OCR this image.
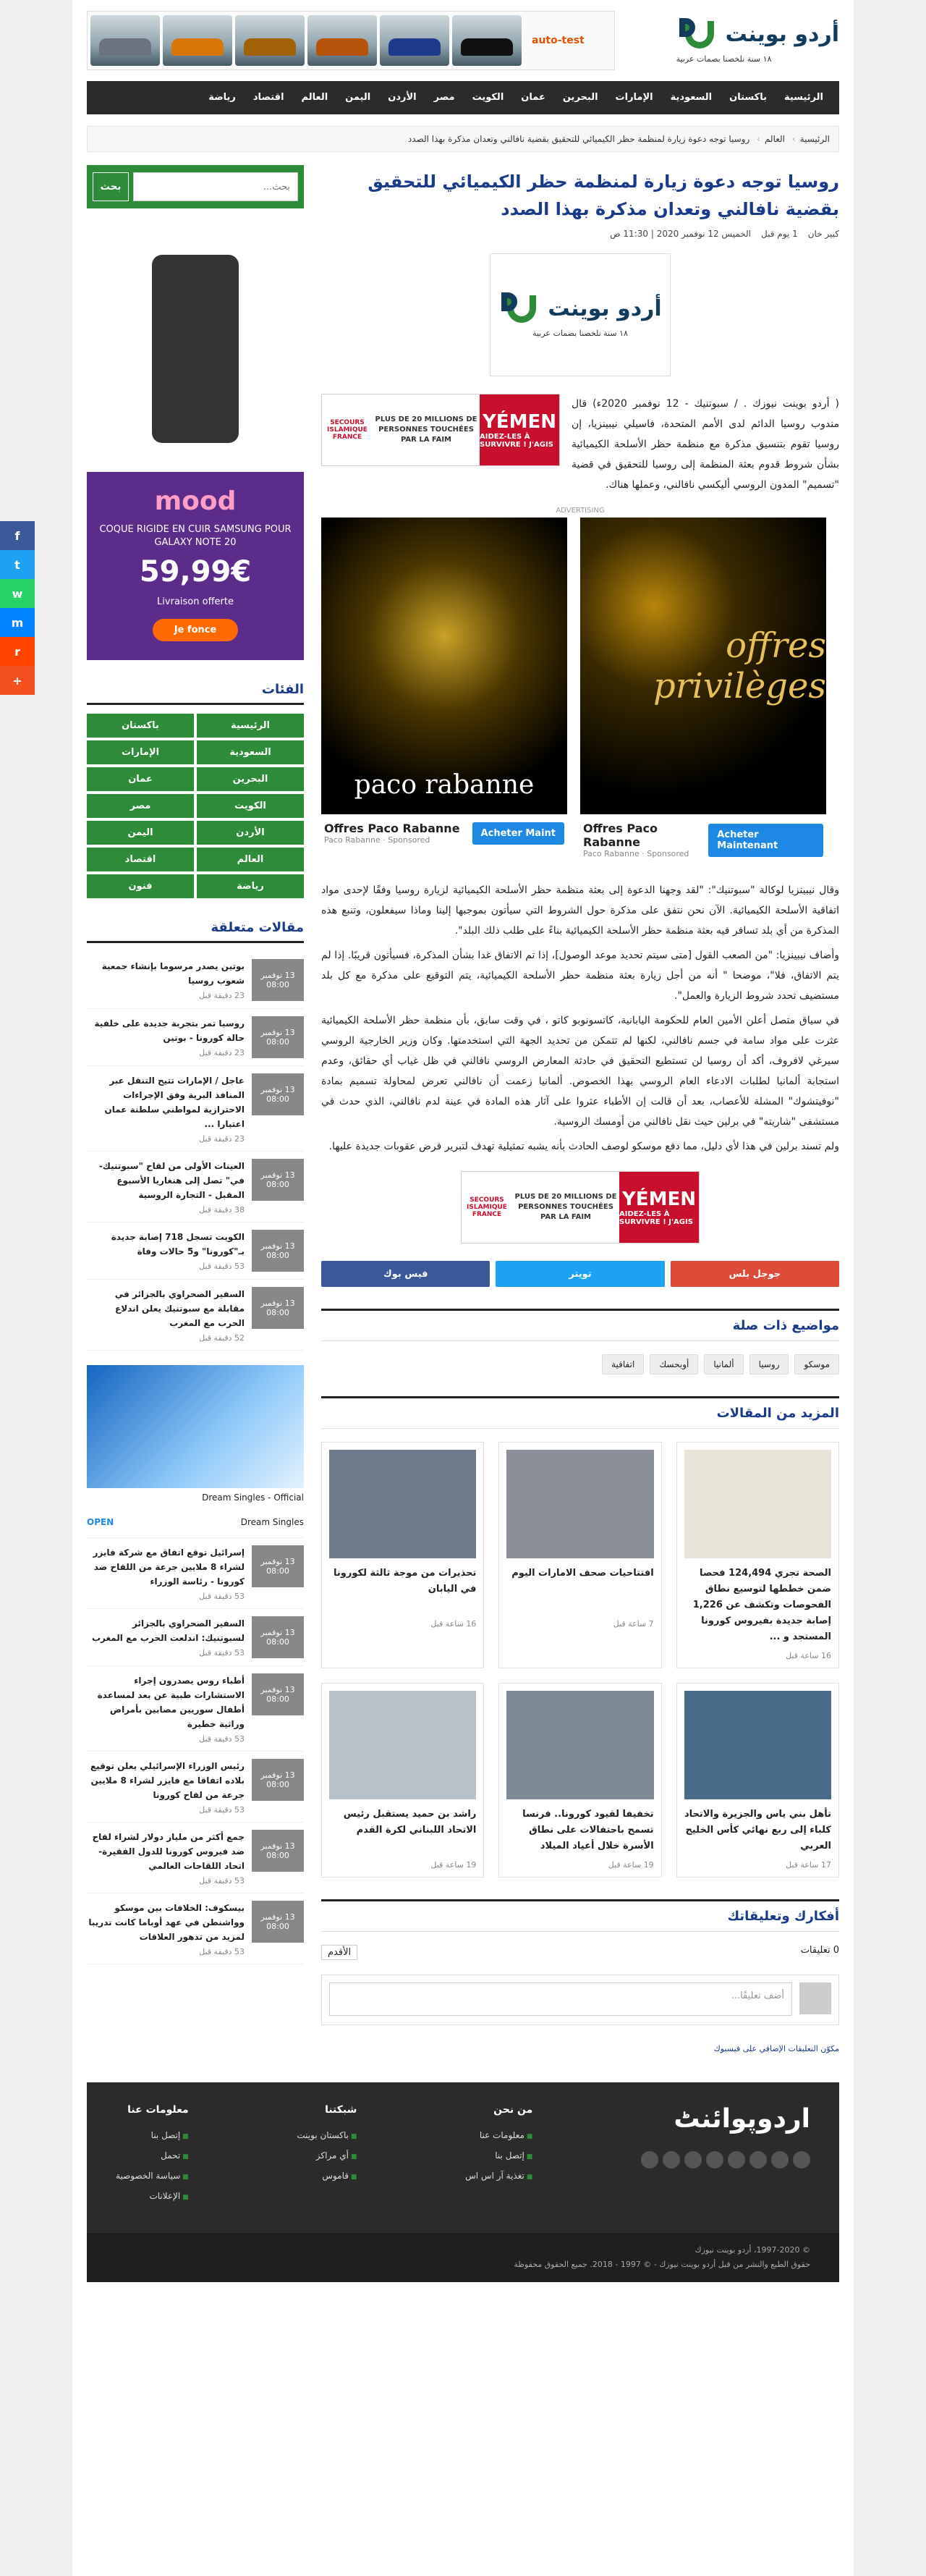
f
t
w
m
r
+
أردو بوينت
١٨ سنة نلخصنا بصمات عربية
auto-test
الرئيسية
باكستان
السعودية
الإمارات
البحرين
عمان
الكويت
مصر
الأردن
اليمن
العالم
اقتصاد
رياضة
الرئيسية› العالم› روسيا توجه دعوة زيارة لمنظمة حظر الكيميائي للتحقيق بقضية نافالني وتعدان مذكرة بهذا الصدد
روسيا توجه دعوة زيارة لمنظمة حظر الكيميائي للتحقيق بقضية نافالني وتعدان مذكرة بهذا الصدد
كبير خان
1 يوم قبل
الخميس 12 نوفمبر 2020 | 11:30 ص
أردو بوينت
١٨ سنة نلخصنا بصمات عربية

( أردو بوينت نيوزك . / سبوتنيك - 12 نوفمبر 2020ء) قال مندوب روسيا الدائم لدى الأمم المتحدة، فاسيلي نيبينزيا، إن روسيا تقوم بتنسيق مذكرة مع منظمة حظر الأسلحة الكيميائية بشأن شروط قدوم بعثة المنظمة إلى روسيا للتحقيق في قضية "تسميم" المدون الروسي أليكسي نافالني، وعملها هناك.

SECOURS ISLAMIQUE FRANCE
PLUS DE 20 MILLIONS DE PERSONNES TOUCHÉES PAR LA FAIM
YÉMEN
AIDEZ-LES À SURVIVRE ! J'AGIS
ADVERTISING
offres privilèges
Offres Paco Rabanne
Paco Rabanne · Sponsored
Acheter Maintenant
paco rabanne
Offres Paco Rabanne
Paco Rabanne · Sponsored
Acheter Maint

وقال نيبينزيا لوكالة "سبوتنيك": "لقد وجهنا الدعوة إلى بعثة منظمة حظر الأسلحة الكيميائية لزيارة روسيا وفقًا لإحدى مواد اتفاقية الأسلحة الكيميائية. الآن نحن نتفق على مذكرة حول الشروط التي سيأتون بموجبها إلينا وماذا سيفعلون، وتنبع هذه المذكرة من أي بلد تسافر فيه بعثة منظمة حظر الأسلحة الكيميائية بناءً على طلب ذلك البلد".

وأضاف نيبينزيا: "من الصعب القول [متى سيتم تحديد موعد الوصول]، إذا تم الاتفاق غدا بشأن المذكرة، فسيأتون قريبًا. إذا لم يتم الاتفاق، فلا"، موضحا " أنه من أجل زيارة بعثة منظمة حظر الأسلحة الكيميائية، يتم التوقيع على مذكرة مع كل بلد مستضيف تحدد شروط الزيارة والعمل".

في سياق متصل أعلن الأمين العام للحكومة اليابانية، كاتسونوبو كاتو ، في وقت سابق، بأن منظمة حظر الأسلحة الكيميائية عثرت على مواد سامة في جسم نافالني، لكنها لم تتمكن من تحديد الجهة التي استخدمتها. وكان وزير الخارجية الروسي سيرغي لافروف، أكد أن روسيا لن تستطيع التحقيق في حادثة المعارض الروسي نافالني في ظل غياب أي حقائق، وعدم استجابة ألمانيا لطلبات الادعاء العام الروسي بهذا الخصوص. ألمانيا زعمت أن نافالني تعرض لمحاولة تسميم بمادة "نوفيتشوك" المشلة للأعصاب، بعد أن قالت إن الأطباء عثروا على آثار هذه المادة في عينة لدم نافالني، الذي حدث في مستشفى "شاريته" في برلين حيث نقل نافالني من أومسك الروسية.

ولم تسند برلين في هذا لأي دليل، مما دفع موسكو لوصف الحادث بأنه يشبه تمثيلية تهدف لتبرير فرض عقوبات جديدة عليها.

SECOURS ISLAMIQUE FRANCE
PLUS DE 20 MILLIONS DE PERSONNES TOUCHÉES PAR LA FAIM
YÉMEN
AIDEZ-LES À SURVIVRE ! J'AGIS
جوجل بلس
تويتر
فيس بوك
مواضيع ذات صلة
موسكو
روسيا
ألمانيا
أوبحسك
اتفاقية
المزيد من المقالات
الصحة تجري 124,494 فحصا ضمن خططها لتوسيع نطاق الفحوصات وتكشف عن 1,226 إصابة جديدة بفيروس كورونا المستجد و ...
16 ساعة قبل
افتتاحيات صحف الامارات اليوم
7 ساعة قبل
تحذيرات من موجة ثالثة لكورونا في اليابان
16 ساعة قبل
تأهل بني ياس والجزيرة والاتحاد كلباء إلى ربع نهائي كأس الخليج العربي
17 ساعة قبل
تخفيفا لقيود كورونا.. فرنسا تسمح باحتفالات على نطاق الأسرة خلال أعياد الميلاد
19 ساعة قبل
راشد بن حميد يستقبل رئيس الاتحاد اللبناني لكرة القدم
19 ساعة قبل
أفكارك وتعليقاتك
0 تعليقات
الأقدم
أضف تعليقًا...
مكوّن التعليقات الإضافي على فيسبوك
بحث...
بحث
mood
COQUE RIGIDE EN CUIR SAMSUNG POUR GALAXY NOTE 20
59,99€
Livraison offerte
Je fonce
الفئات
الرئيسية
باكستان
السعودية
الإمارات
البحرين
عمان
الكويت
مصر
الأردن
اليمن
العالم
اقتصاد
رياضة
فنون
مقالات متعلقة
13 نوفمبر
08:00
بوتين يصدر مرسوما بإنشاء جمعية شعوب روسيا
23 دقيقة قبل
13 نوفمبر
08:00
روسيا تمر بتجربة جديدة على خلفية حالة كورونا - بوتين
23 دقيقة قبل
13 نوفمبر
08:00
عاجل / الإمارات تتيح التنقل عبر المنافذ البرية وفق الإجراءات الاحترازية لمواطني سلطنة عمان اعتبارا ...
23 دقيقة قبل
13 نوفمبر
08:00
العينات الأولى من لقاح "سبوتنيك-في" تصل إلى هنغاريا الأسبوع المقبل - التجارة الروسية
38 دقيقة قبل
13 نوفمبر
08:00
الكويت تسجل 718 إصابة جديدة بـ"كورونا" و5 حالات وفاة
53 دقيقة قبل
13 نوفمبر
08:00
السفير الصحراوي بالجزائر في مقابلة مع سبوتنيك يعلن اندلاع الحرب مع المغرب
52 دقيقة قبل
Dream Singles - Official
Dream Singles
OPEN
13 نوفمبر
08:00
إسرائيل توقع اتفاق مع شركة فايزر لشراء 8 ملايين جرعة من اللقاح ضد كورونا - رئاسة الوزراء
53 دقيقة قبل
13 نوفمبر
08:00
السفير الصحراوي بالجزائر لسبوتنيك: اندلعت الحرب مع المغرب
53 دقيقة قبل
13 نوفمبر
08:00
أطباء روس يصدرون إجراء الاستشارات طبية عن بعد لمساعدة أطفال سوريين مصابين بأمراض وراثية خطيرة
53 دقيقة قبل
13 نوفمبر
08:00
رئيس الوزراء الإسرائيلي يعلن توقيع بلاده اتفاقا مع فايزر لشراء 8 ملايين جرعة من لقاح كورونا
53 دقيقة قبل
13 نوفمبر
08:00
جمع أكثر من مليار دولار لشراء لقاح ضد فيروس كورونا للدول الفقيرة- اتحاد اللقاحات العالمي
53 دقيقة قبل
13 نوفمبر
08:00
بيسكوف: الخلافات بين موسكو وواشنطن في عهد أوباما كانت تدريبا لمزيد من تدهور العلاقات
53 دقيقة قبل
اردوپوائنٹ
من نحن
■ معلومات عنا
■ إتصل بنا
■ تغذية آر اس اس
شبكتنا
■ باكستان بوينت
■ أي مراكز
■ قاموس
معلومات عنا
■ إتصل بنا
■ تحمل
■ سياسة الخصوصية
■ الإعلانات
© 1997-2020، أردو بوينت نيوزك
حقوق الطبع والنشر من قبل أردو بوينت نيوزك - © 1997 - 2018. جميع الحقوق محفوظة
